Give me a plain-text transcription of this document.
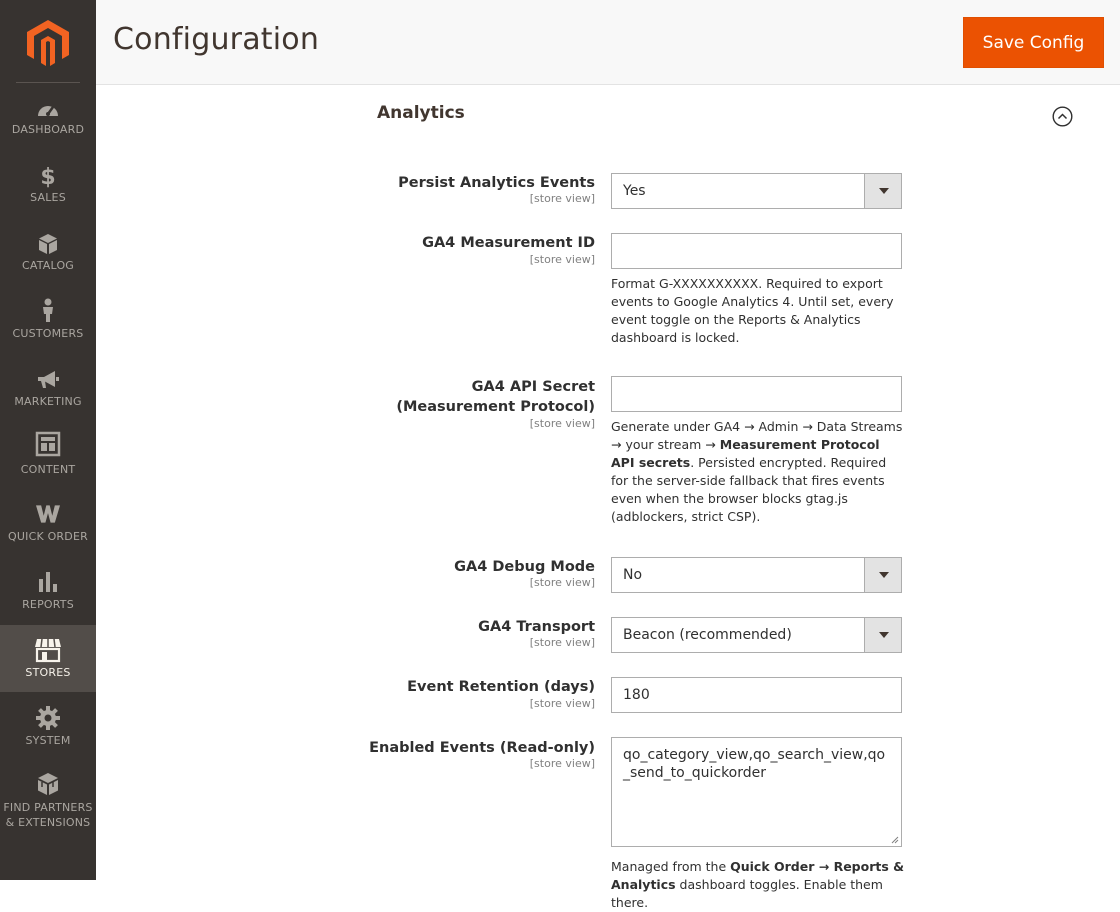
DASHBOARD
$
SALES
CATALOG
CUSTOMERS
MARKETING
CONTENT
QUICK ORDER
REPORTS
STORES
SYSTEM
FIND PARTNERS
& EXTENSIONS
Configuration	Save Config
Analytics
Persist Analytics Events
[store view] Yes
GA4 Measurement ID
[store view]
Format G-XXXXXXXXXX. Required to export events to Google Analytics 4. Until set, every event toggle on the Reports & Analytics dashboard is locked.
GA4 API Secret
(Measurement Protocol)
[store view] Generate under GA4 → Admin → Data Streams → your stream → Measurement Protocol API secrets. Persisted encrypted. Required for the server-side fallback that fires events even when the browser blocks gtag.js (adblockers, strict CSP).
GA4 Debug Mode
[store view] No
GA4 Transport
[store view] Beacon (recommended)
Event Retention (days)
[store view]
180
Enabled Events (Read-only)
[store view]
qo_category_view,qo_search_view,qo_send_to_quickorder
Managed from the Quick Order → Reports & Analytics dashboard toggles. Enable them there.
